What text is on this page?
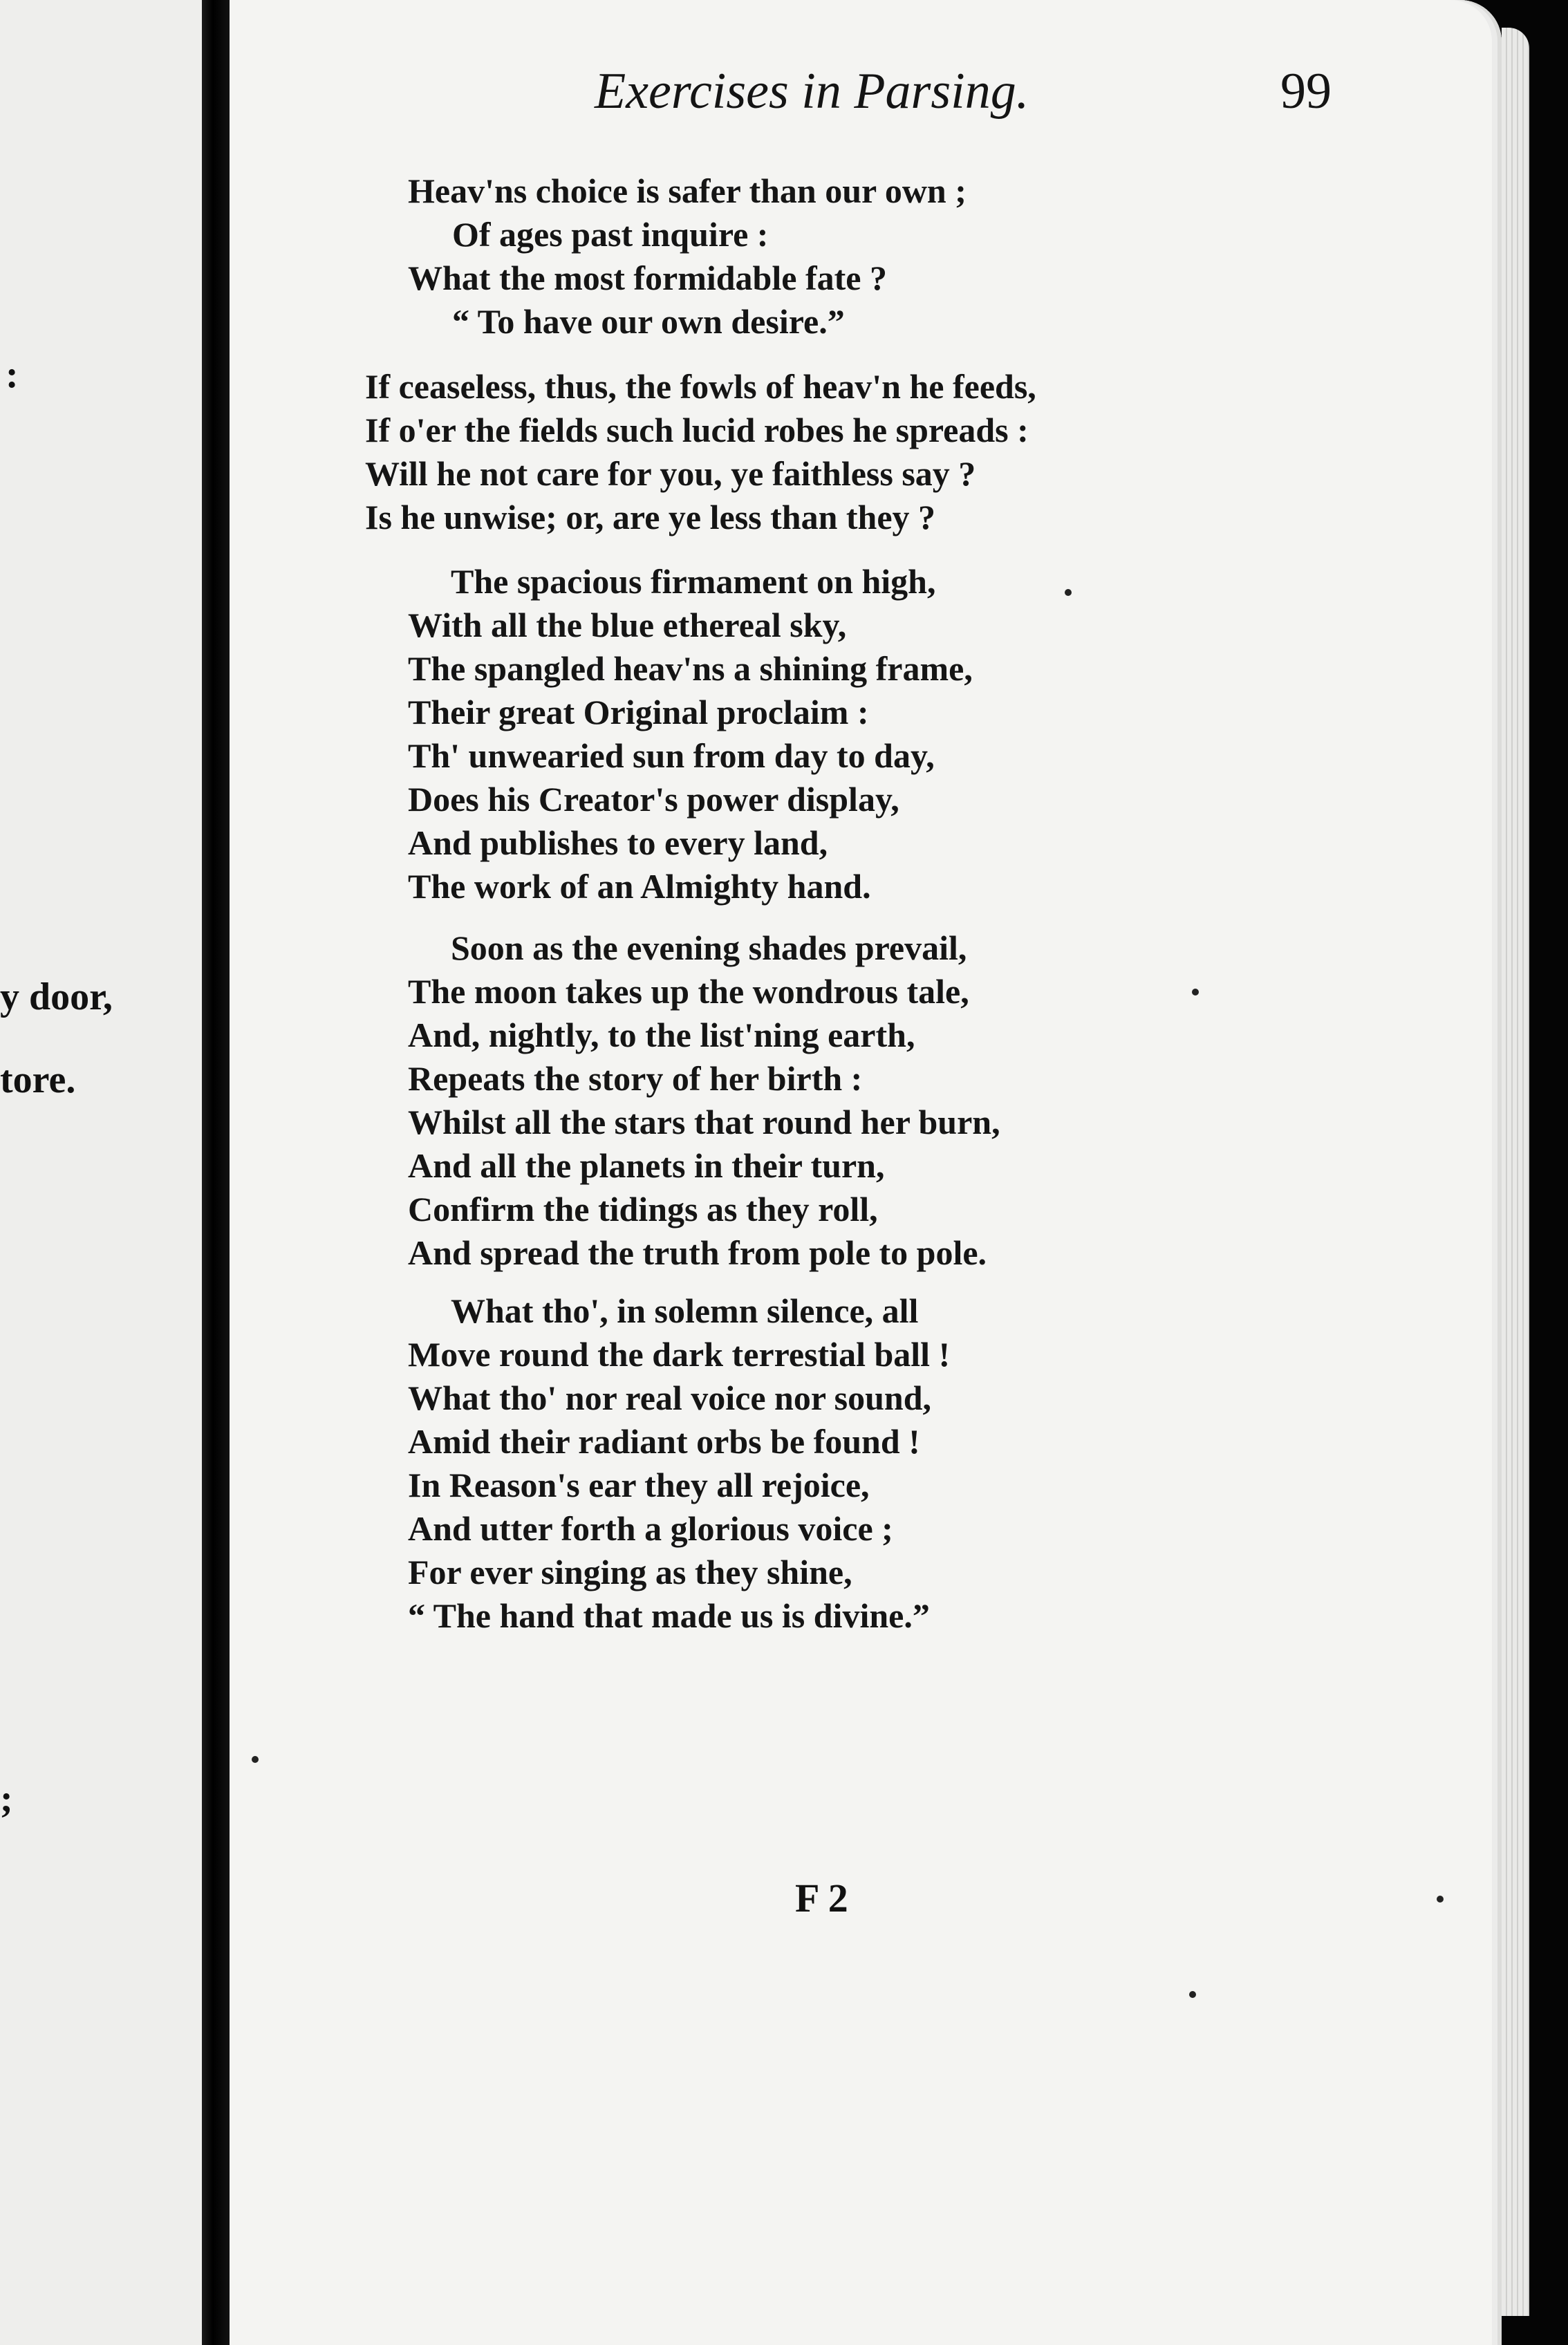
:
y door,
tore.
;
Exercises in Parsing.	99
Heav'ns choice is safer than our own ;
Of ages past inquire :
What the most formidable fate ?
“ To have our own desire.”
If ceaseless, thus, the fowls of heav'n he feeds,
If o'er the fields such lucid robes he spreads :
Will he not care for you, ye faithless say ?
Is he unwise; or, are ye less than they ?
The spacious firmament on high,
With all the blue ethereal sky,
The spangled heav'ns a shining frame,
Their great Original proclaim :
Th' unwearied sun from day to day,
Does his Creator's power display,
And publishes to every land,
The work of an Almighty hand.
Soon as the evening shades prevail,
The moon takes up the wondrous tale,
And, nightly, to the list'ning earth,
Repeats the story of her birth :
Whilst all the stars that round her burn,
And all the planets in their turn,
Confirm the tidings as they roll,
And spread the truth from pole to pole.
What tho', in solemn silence, all
Move round the dark terrestial ball !
What tho' nor real voice nor sound,
Amid their radiant orbs be found !
In Reason's ear they all rejoice,
And utter forth a glorious voice ;
For ever singing as they shine,
“ The hand that made us is divine.”
F 2
